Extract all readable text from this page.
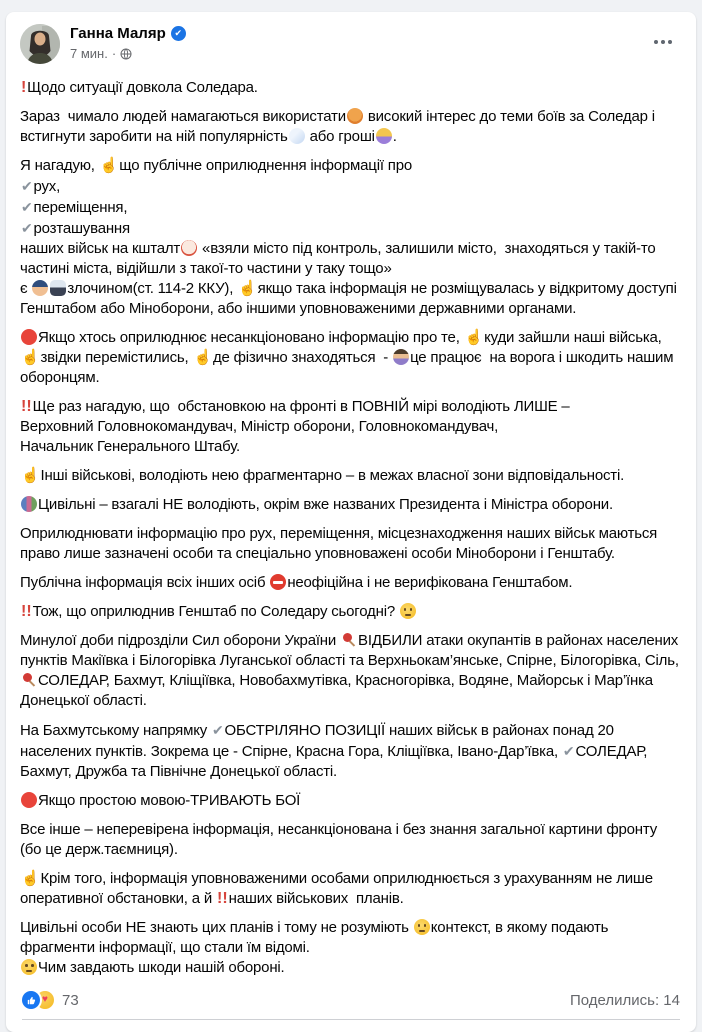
Ганна Маляр ✔
7 мин. ·

! Щодо ситуації довкола Соледара.

Зараз  чимало людей намагаються використати високий інтерес до теми боїв за Соледар і встигнути заробити на ній популярність або гроші .

Я нагадую, ☝ що публічне оприлюднення інформації про
✔ рух,
✔ переміщення,
✔ розташування
наших військ на кшталт «взяли місто під контроль, залишили місто,  знаходяться у такій-то частині міста, відійшли з такої-то частини у таку тощо»
є злочином(ст. 114-2 ККУ), ☝ якщо така інформація не розміщувалась у відкритому доступі Генштабом або Міноборони, або іншими уповноваженими державними органами.

Якщо хтось оприлюднює несанкціоновано інформацію про те, ☝ куди зайшли наші війська, ☝ звідки перемістились, ☝ де фізично знаходяться  - це працює  на ворога і шкодить нашим оборонцям.

!! Ще раз нагадую, що  обстановкою на фронті в ПОВНІЙ мірі володіють ЛИШЕ –
Верховний Головнокомандувач, Міністр оборони, Головнокомандувач,
Начальник Генерального Штабу.

☝ Інші військові, володіють нею фрагментарно – в межах власної зони відповідальності.

Цивільні – взагалі НЕ володіють, окрім вже названих Президента і Міністра оборони.

Оприлюднювати інформацію про рух, переміщення, місцезнаходження наших військ маються право лише зазначені особи та спеціально уповноважені особи Міноборони і Генштабу.

Публічна інформація всіх інших осіб неофіційна і не верифікована Генштабом.

!! Тож, що оприлюднив Генштаб по Соледару сьогодні?

Минулої доби підрозділи Сил оборони України ВІДБИЛИ атаки окупантів в районах населених пунктів Макіївка і Білогорівка Луганської області та Верхньокам’янське, Спірне, Білогорівка, Сіль, СОЛЕДАР, Бахмут, Кліщіївка, Новобахмутівка, Красногорівка, Водяне, Майорськ і Мар’їнка Донецької області.

На Бахмутському напрямку ✔ ОБСТРІЛЯНО ПОЗИЦІЇ наших військ в районах понад 20 населених пунктів. Зокрема це - Спірне, Красна Гора, Кліщіївка, Івано-Дар’ївка, ✔ СОЛЕДАР, Бахмут, Дружба та Північне Донецької області.

Якщо простою мовою-ТРИВАЮТЬ БОЇ

Все інше – неперевірена інформація, несанкціонована і без знання загальної картини фронту (бо це держ.таємниця).

☝ Крім того, інформація уповноваженими особами оприлюднюється з урахуванням не лише оперативної обстановки, а й !! наших військових  планів.

Цивільні особи НЕ знають цих планів і тому не розуміють контекст, в якому подають фрагменти інформації, що стали їм відомі.
Чим завдають шкоди нашій обороні.

♥ 73	Поделились: 14
